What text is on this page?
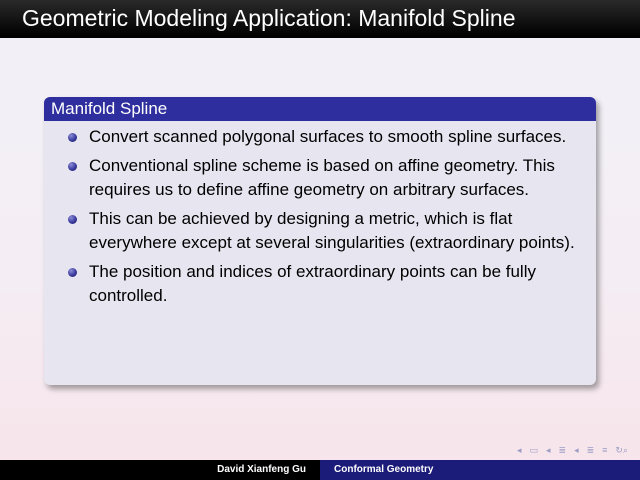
Geometric Modeling Application: Manifold Spline
Manifold Spline
Convert scanned polygonal surfaces to smooth spline surfaces.
Conventional spline scheme is based on affine geometry. This requires us to define affine geometry on arbitrary surfaces.
This can be achieved by designing a metric, which is flat everywhere except at several singularities (extraordinary points).
The position and indices of extraordinary points can be fully controlled.
◂ ▭ ◂ ≣ ◂ ≣ ≡ ↻⌕
David Xianfeng Gu	Conformal Geometry
